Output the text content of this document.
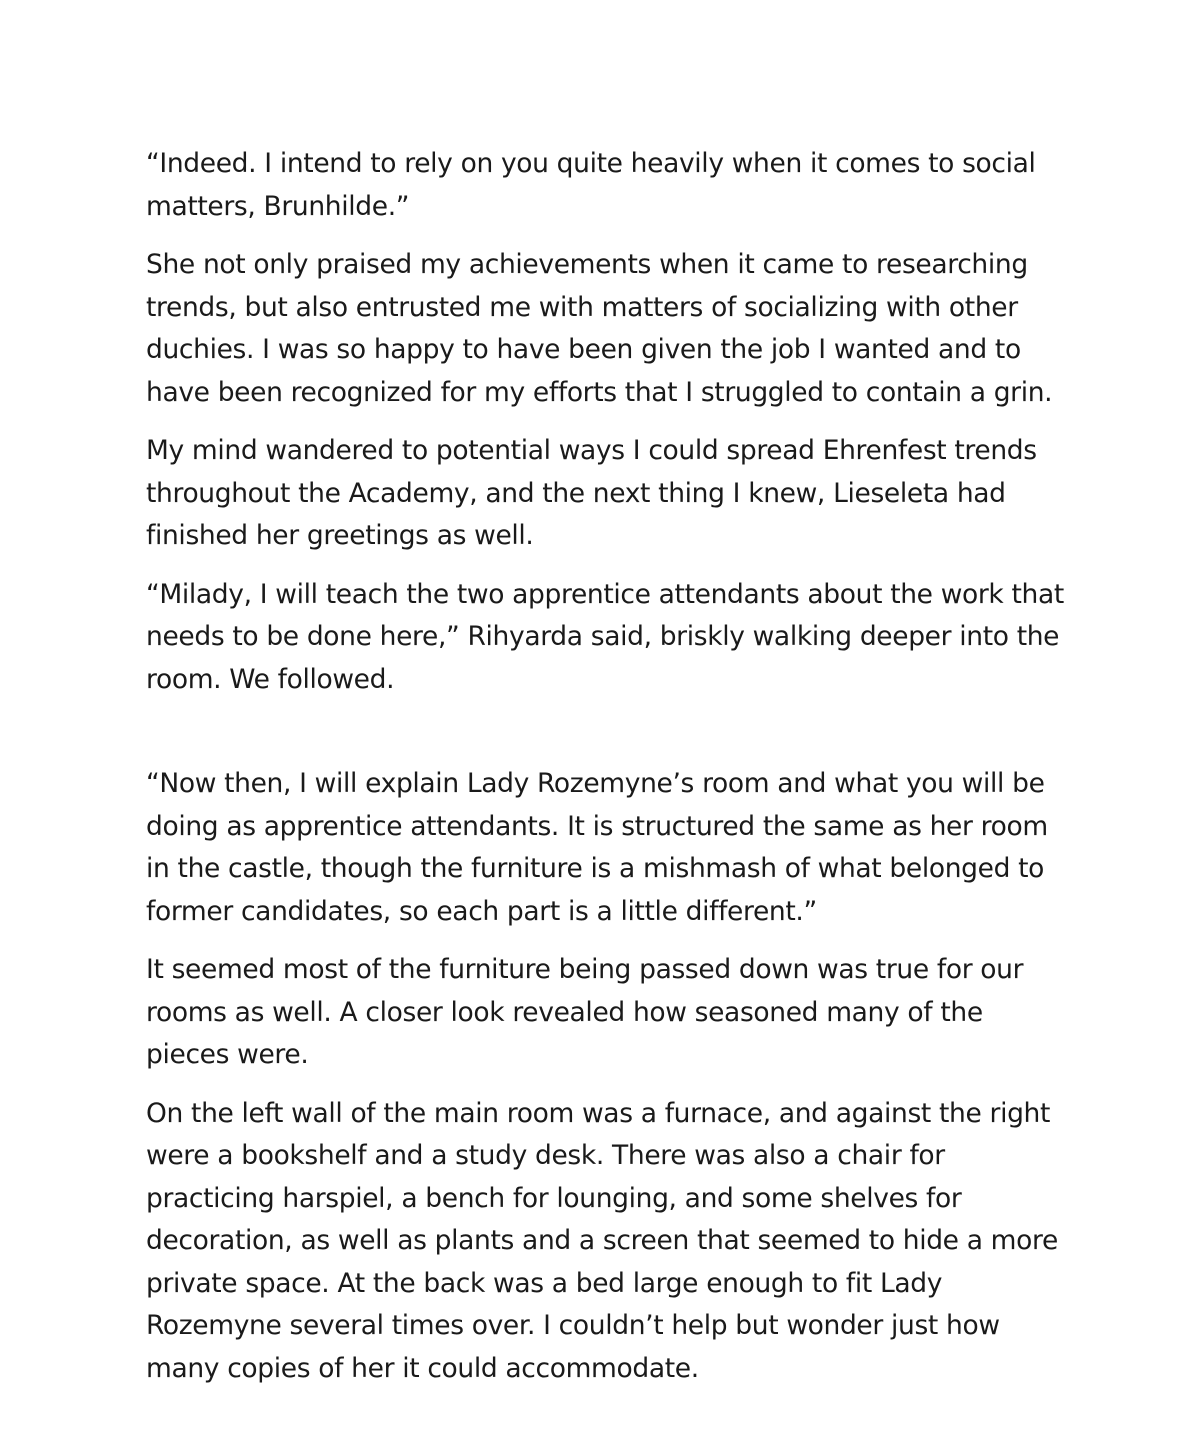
“Indeed. I intend to rely on you quite heavily when it comes to social matters, Brunhilde.”

She not only praised my achievements when it came to researching trends, but also entrusted me with matters of socializing with other duchies. I was so happy to have been given the job I wanted and to have been recognized for my efforts that I struggled to contain a grin.

My mind wandered to potential ways I could spread Ehrenfest trends throughout the Academy, and the next thing I knew, Lieseleta had finished her greetings as well.

“Milady, I will teach the two apprentice attendants about the work that needs to be done here,” Rihyarda said, briskly walking deeper into the room. We followed.

“Now then, I will explain Lady Rozemyne’s room and what you will be doing as apprentice attendants. It is structured the same as her room in the castle, though the furniture is a mishmash of what belonged to former candidates, so each part is a little different.”

It seemed most of the furniture being passed down was true for our rooms as well. A closer look revealed how seasoned many of the pieces were.

On the left wall of the main room was a furnace, and against the right were a bookshelf and a study desk. There was also a chair for practicing harspiel, a bench for lounging, and some shelves for decoration, as well as plants and a screen that seemed to hide a more private space. At the back was a bed large enough to fit Lady Rozemyne several times over. I couldn’t help but wonder just how many copies of her it could accommodate.
